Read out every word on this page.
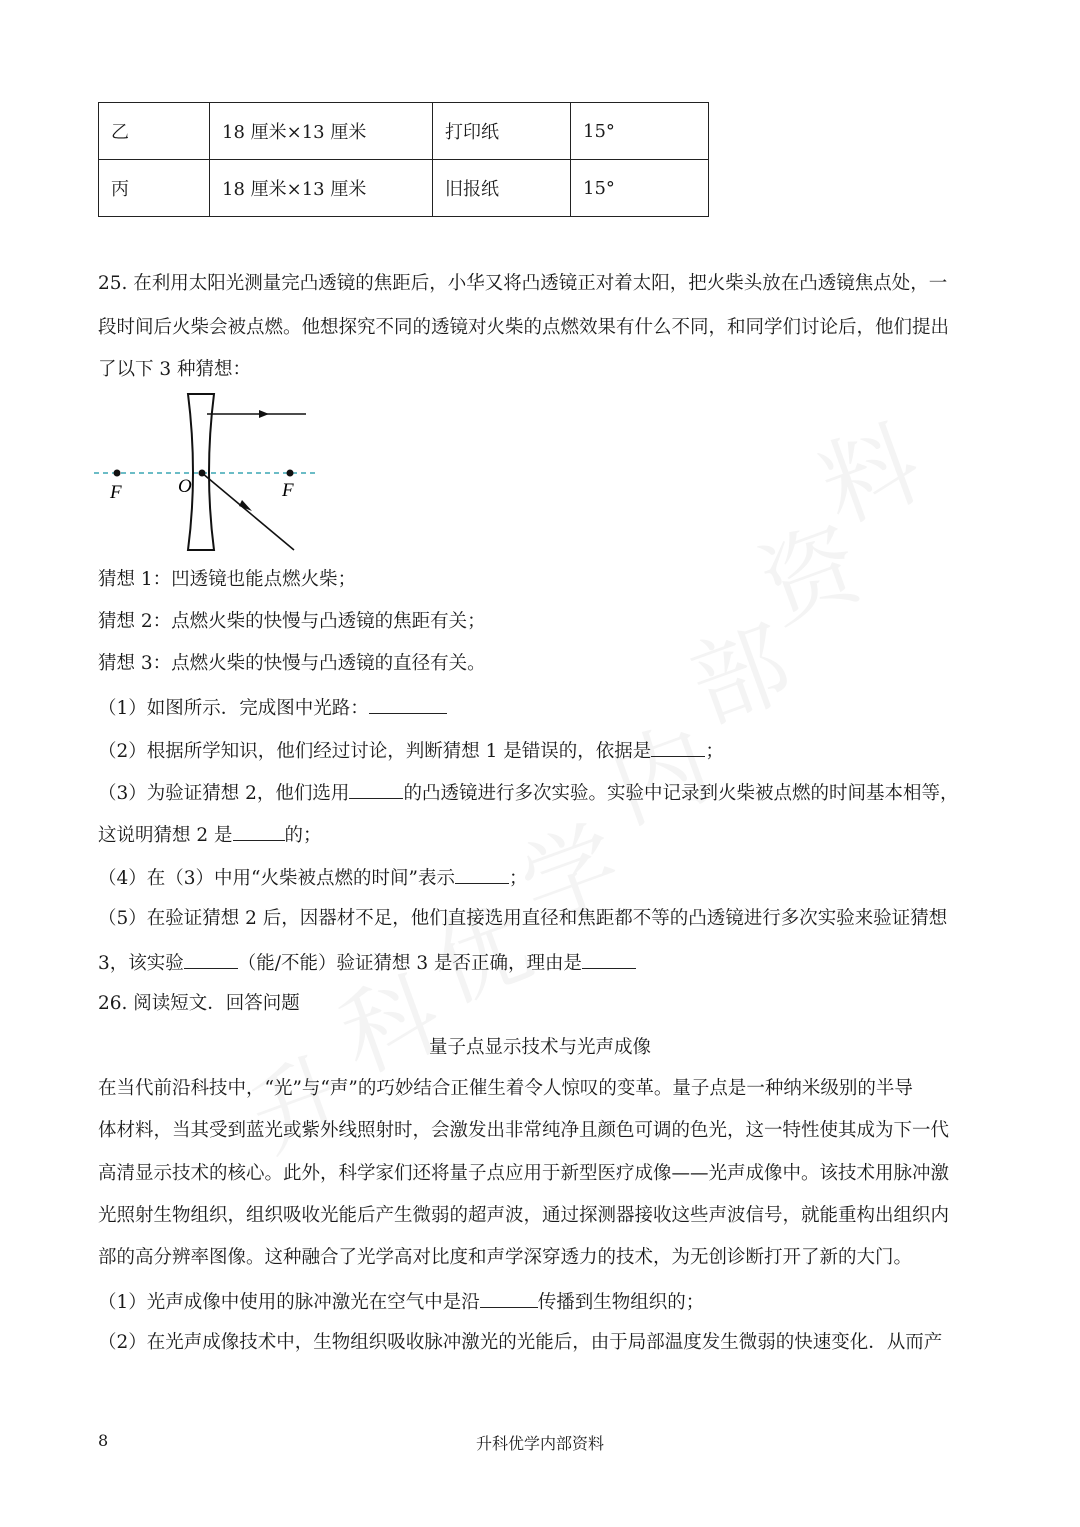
乙	18 厘米×13 厘米	打印纸	15°
丙	18 厘米×13 厘米	旧报纸	15°
25. 在利用太阳光测量完凸透镜的焦距后，小华又将凸透镜正对着太阳，把火柴头放在凸透镜焦点处，一
段时间后火柴会被点燃。他想探究不同的透镜对火柴的点燃效果有什么不同，和同学们讨论后，他们提出
了以下 3 种猜想：
F	O	F
猜想 1：凹透镜也能点燃火柴；
猜想 2：点燃火柴的快慢与凸透镜的焦距有关；
猜想 3：点燃火柴的快慢与凸透镜的直径有关。
（1）如图所示．完成图中光路：
（2）根据所学知识，他们经过讨论，判断猜想 1 是错误的，依据是	；
（3）为验证猜想 2，他们选用	的凸透镜进行多次实验。实验中记录到火柴被点燃的时间基本相等，
这说明猜想 2 是	的；
（4）在（3）中用“火柴被点燃的时间”表示	；
（5）在验证猜想 2 后，因器材不足，他们直接选用直径和焦距都不等的凸透镜进行多次实验来验证猜想
3，该实验	（能/不能）验证猜想 3 是否正确，理由是
26. 阅读短文．回答问题
量子点显示技术与光声成像
在当代前沿科技中，“光”与“声”的巧妙结合正催生着令人惊叹的变革。量子点是一种纳米级别的半导
体材料，当其受到蓝光或紫外线照射时，会激发出非常纯净且颜色可调的色光，这一特性使其成为下一代
高清显示技术的核心。此外，科学家们还将量子点应用于新型医疗成像——光声成像中。该技术用脉冲激
光照射生物组织，组织吸收光能后产生微弱的超声波，通过探测器接收这些声波信号，就能重构出组织内
部的高分辨率图像。这种融合了光学高对比度和声学深穿透力的技术，为无创诊断打开了新的大门。
（1）光声成像中使用的脉冲激光在空气中是沿	传播到生物组织的；
（2）在光声成像技术中，生物组织吸收脉冲激光的光能后，由于局部温度发生微弱的快速变化．从而产
8	升科优学内部资料
